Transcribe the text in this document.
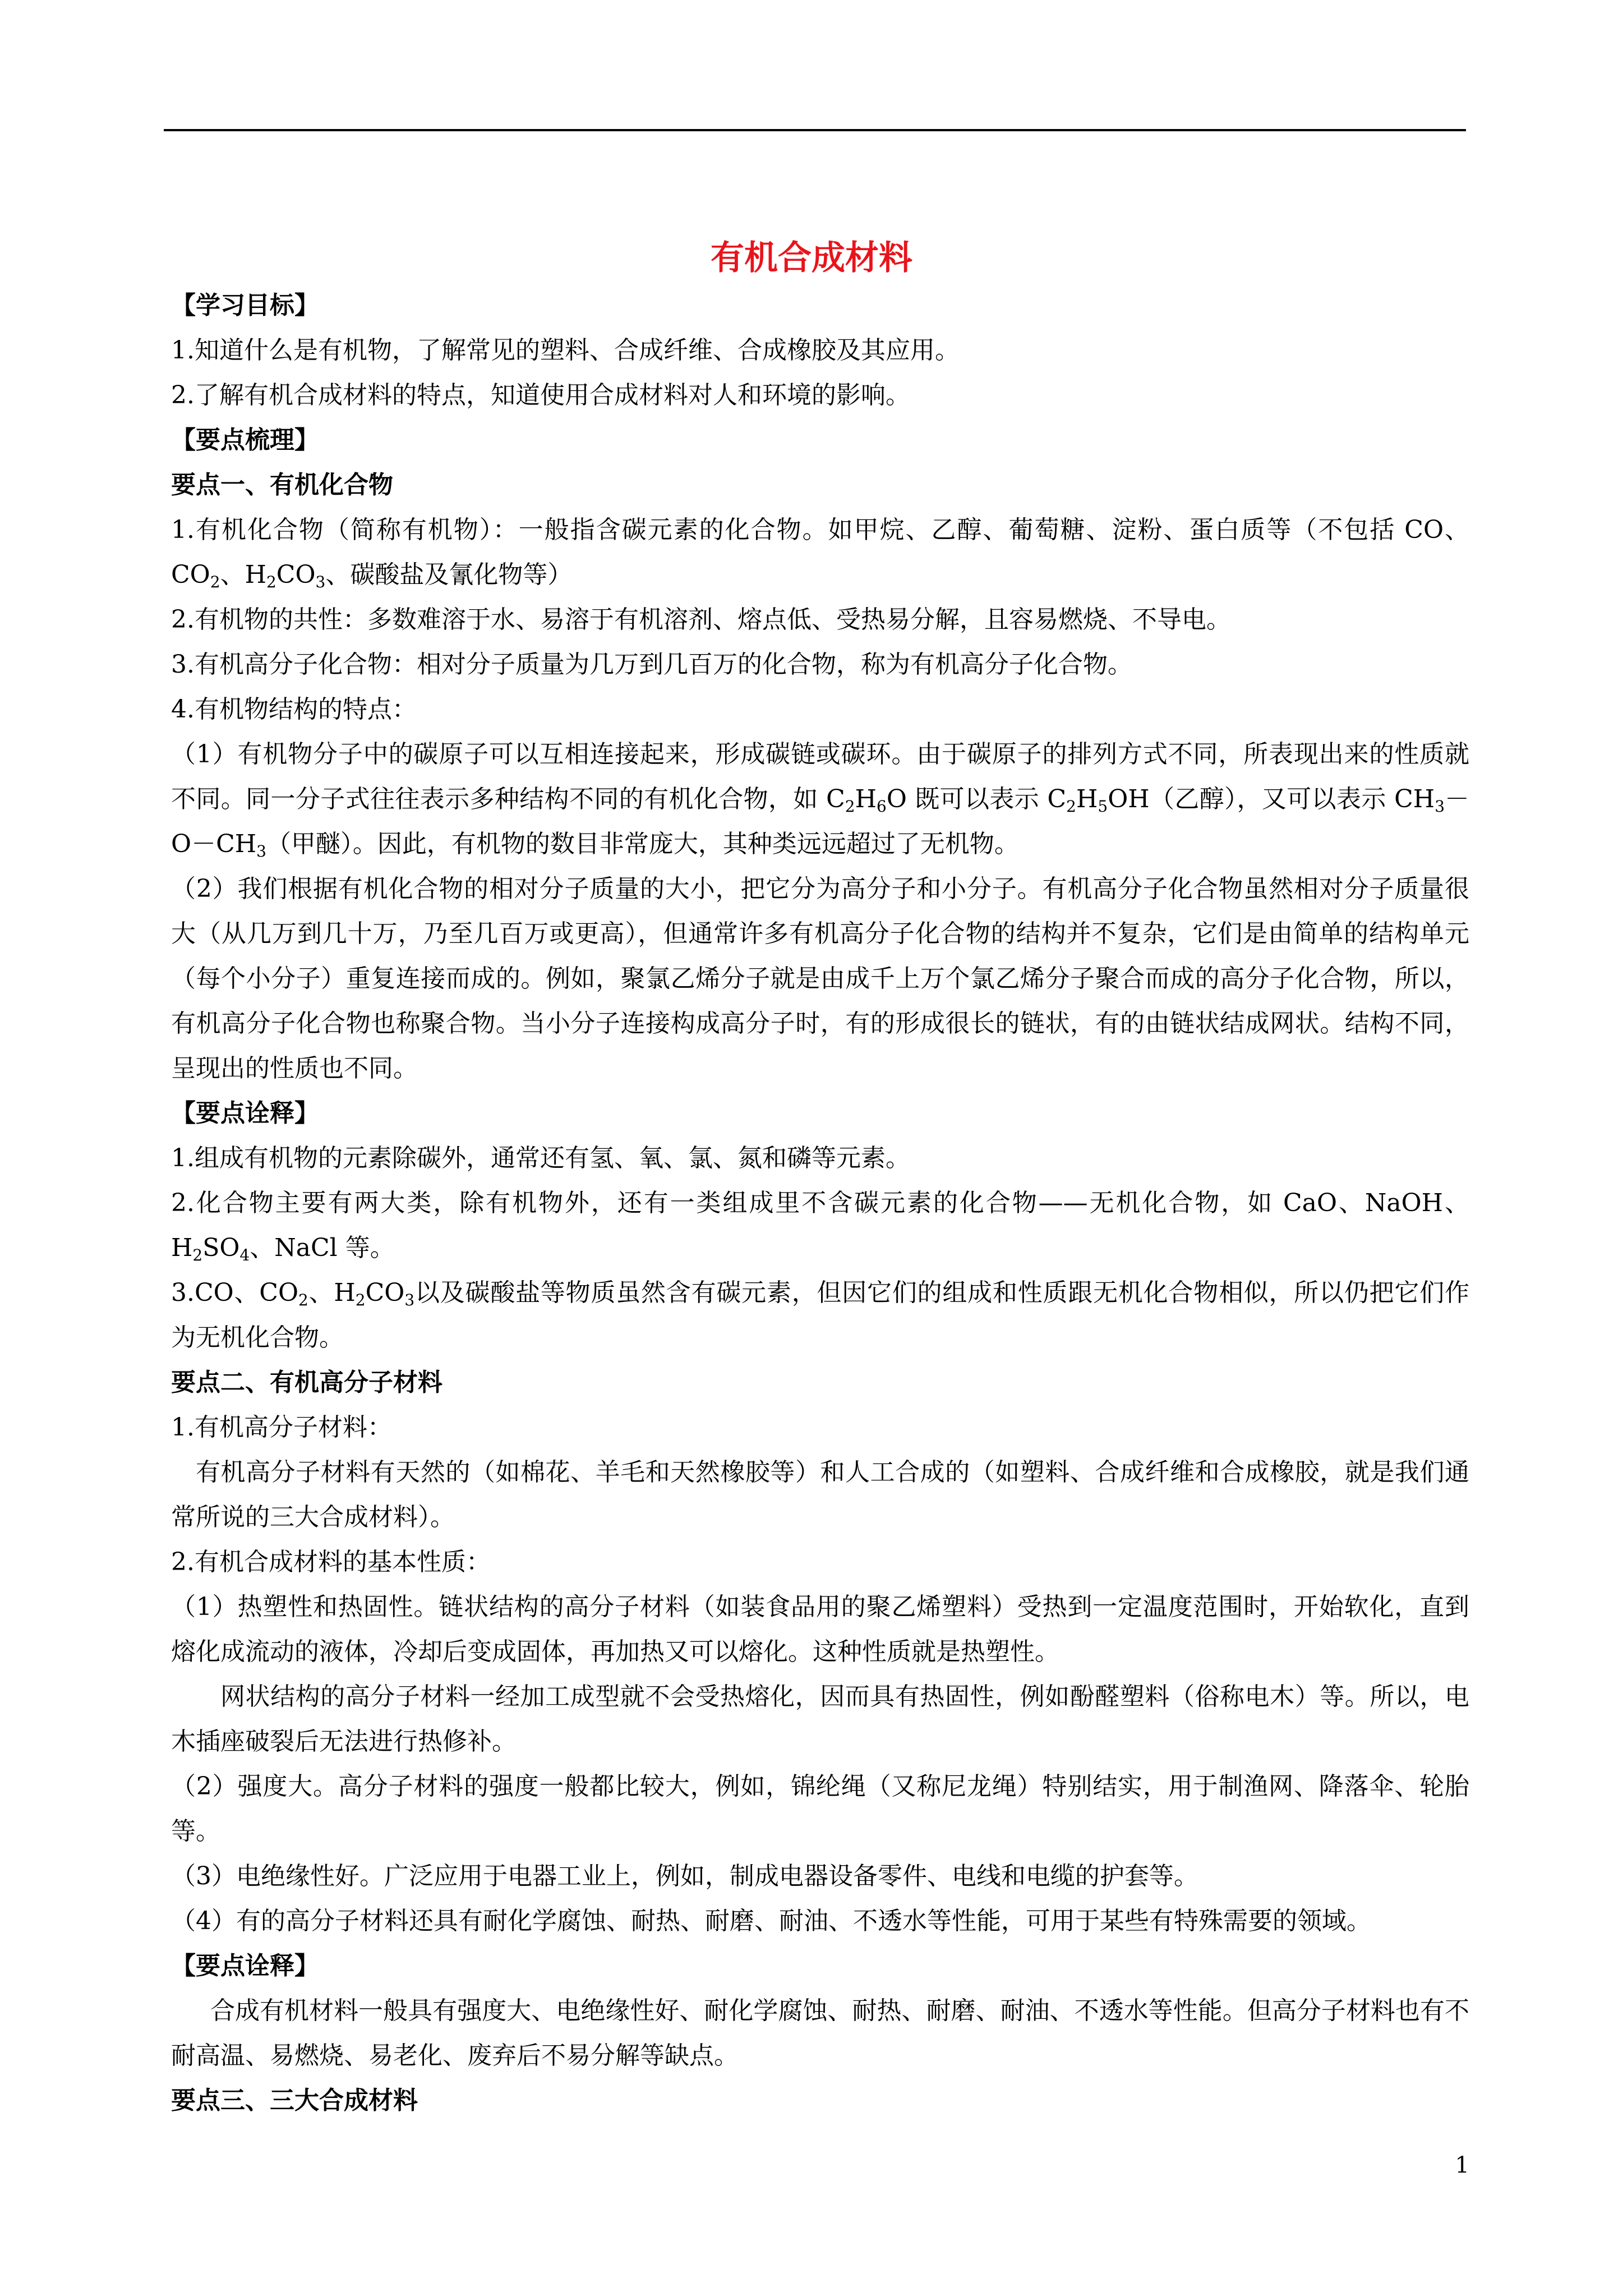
有机合成材料

【学习目标】

1.知道什么是有机物，了解常见的塑料、合成纤维、合成橡胶及其应用。

2.了解有机合成材料的特点，知道使用合成材料对人和环境的影响。

【要点梳理】

要点一、有机化合物

1.有机化合物（简称有机物）：一般指含碳元素的化合物。如甲烷、乙醇、葡萄糖、淀粉、蛋白质等（不包括 CO、$CO_2$、$H_2CO_3$、碳酸盐及氰化物等）

2.有机物的共性：多数难溶于水、易溶于有机溶剂、熔点低、受热易分解，且容易燃烧、不导电。

3.有机高分子化合物：相对分子质量为几万到几百万的化合物，称为有机高分子化合物。

4.有机物结构的特点：

（1）有机物分子中的碳原子可以互相连接起来，形成碳链或碳环。由于碳原子的排列方式不同，所表现出来的性质就不同。同一分子式往往表示多种结构不同的有机化合物，如 $C_2H_6O$ 既可以表示 $C_2H_5OH$（乙醇），又可以表示 $CH_3-O-CH_3$（甲醚）。因此，有机物的数目非常庞大，其种类远远超过了无机物。

（2）我们根据有机化合物的相对分子质量的大小，把它分为高分子和小分子。有机高分子化合物虽然相对分子质量很大（从几万到几十万，乃至几百万或更高），但通常许多有机高分子化合物的结构并不复杂，它们是由简单的结构单元（每个小分子）重复连接而成的。例如，聚氯乙烯分子就是由成千上万个氯乙烯分子聚合而成的高分子化合物，所以，有机高分子化合物也称聚合物。当小分子连接构成高分子时，有的形成很长的链状，有的由链状结成网状。结构不同，呈现出的性质也不同。

【要点诠释】

1.组成有机物的元素除碳外，通常还有氢、氧、氯、氮和磷等元素。

2.化合物主要有两大类，除有机物外，还有一类组成里不含碳元素的化合物——无机化合物，如 CaO、NaOH、$H_2SO_4$、NaCl 等。

3.CO、$CO_2$、$H_2CO_3$以及碳酸盐等物质虽然含有碳元素，但因它们的组成和性质跟无机化合物相似，所以仍把它们作为无机化合物。

要点二、有机高分子材料

1.有机高分子材料：

有机高分子材料有天然的（如棉花、羊毛和天然橡胶等）和人工合成的（如塑料、合成纤维和合成橡胶，就是我们通常所说的三大合成材料）。

2.有机合成材料的基本性质：

（1）热塑性和热固性。链状结构的高分子材料（如装食品用的聚乙烯塑料）受热到一定温度范围时，开始软化，直到熔化成流动的液体，冷却后变成固体，再加热又可以熔化。这种性质就是热塑性。

网状结构的高分子材料一经加工成型就不会受热熔化，因而具有热固性，例如酚醛塑料（俗称电木）等。所以，电木插座破裂后无法进行热修补。

（2）强度大。高分子材料的强度一般都比较大，例如，锦纶绳（又称尼龙绳）特别结实，用于制渔网、降落伞、轮胎等。

（3）电绝缘性好。广泛应用于电器工业上，例如，制成电器设备零件、电线和电缆的护套等。

（4）有的高分子材料还具有耐化学腐蚀、耐热、耐磨、耐油、不透水等性能，可用于某些有特殊需要的领域。

【要点诠释】

合成有机材料一般具有强度大、电绝缘性好、耐化学腐蚀、耐热、耐磨、耐油、不透水等性能。但高分子材料也有不耐高温、易燃烧、易老化、废弃后不易分解等缺点。

要点三、三大合成材料

1
